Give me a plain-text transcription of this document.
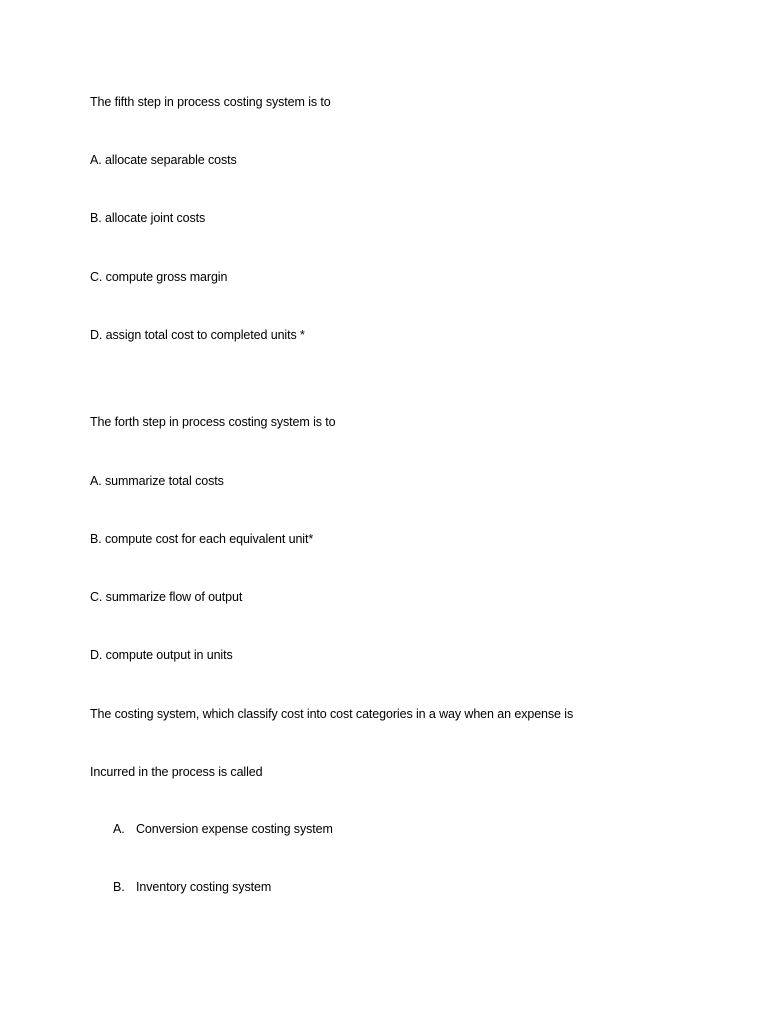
The fifth step in process costing system is to
A. allocate separable costs
B. allocate joint costs
C. compute gross margin
D. assign total cost to completed units *
The forth step in process costing system is to
A. summarize total costs
B. compute cost for each equivalent unit*
C. summarize flow of output
D. compute output in units
The costing system, which classify cost into cost categories in a way when an expense is
Incurred in the process is called
A. Conversion expense costing system
B. Inventory costing system
